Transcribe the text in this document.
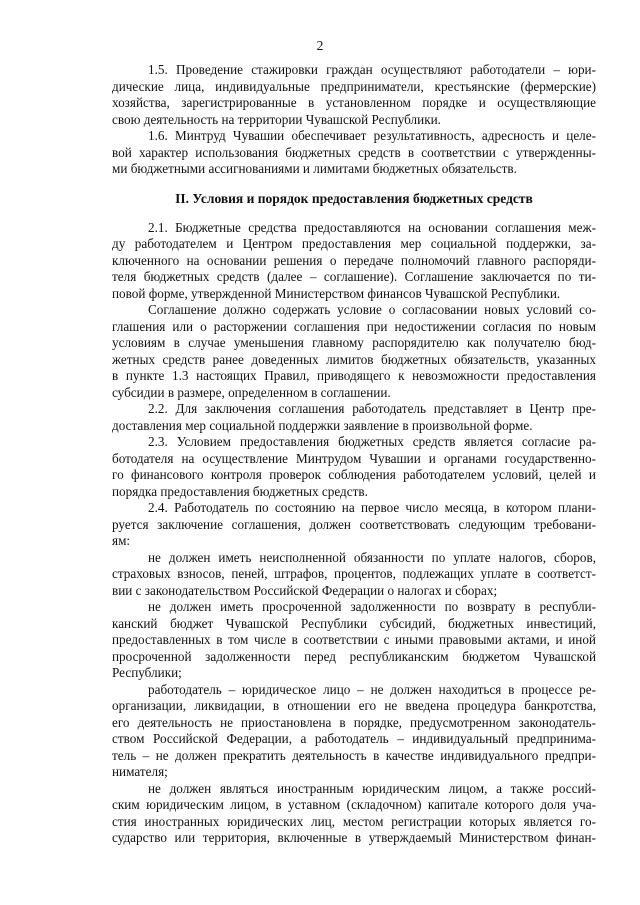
2
1.5. Проведение стажировки граждан осуществляют работодатели – юри-
дические лица, индивидуальные предприниматели, крестьянские (фермерские)
хозяйства, зарегистрированные в установленном порядке и осуществляющие
свою деятельность на территории Чувашской Республики.
1.6. Минтруд Чувашии обеспечивает результативность, адресность и целе-
вой характер использования бюджетных средств в соответствии с утвержденны-
ми бюджетными ассигнованиями и лимитами бюджетных обязательств.
II. Условия и порядок предоставления бюджетных средств
2.1. Бюджетные средства предоставляются на основании соглашения меж-
ду работодателем и Центром предоставления мер социальной поддержки, за-
ключенного на основании решения о передаче полномочий главного распоряди-
теля бюджетных средств (далее – соглашение). Соглашение заключается по ти-
повой форме, утвержденной Министерством финансов Чувашской Республики.
Соглашение должно содержать условие о согласовании новых условий со-
глашения или о расторжении соглашения при недостижении согласия по новым
условиям в случае уменьшения главному распорядителю как получателю бюд-
жетных средств ранее доведенных лимитов бюджетных обязательств, указанных
в пункте 1.3 настоящих Правил, приводящего к невозможности предоставления
субсидии в размере, определенном в соглашении.
2.2. Для заключения соглашения работодатель представляет в Центр пре-
доставления мер социальной поддержки заявление в произвольной форме.
2.3. Условием предоставления бюджетных средств является согласие ра-
ботодателя на осуществление Минтрудом Чувашии и органами государственно-
го финансового контроля проверок соблюдения работодателем условий, целей и
порядка предоставления бюджетных средств.
2.4. Работодатель по состоянию на первое число месяца, в котором плани-
руется заключение соглашения, должен соответствовать следующим требовани-
ям:
не должен иметь неисполненной обязанности по уплате налогов, сборов,
страховых взносов, пеней, штрафов, процентов, подлежащих уплате в соответст-
вии с законодательством Российской Федерации о налогах и сборах;
не должен иметь просроченной задолженности по возврату в республи-
канский бюджет Чувашской Республики субсидий, бюджетных инвестиций,
предоставленных в том числе в соответствии с иными правовыми актами, и иной
просроченной задолженности перед республиканским бюджетом Чувашской
Республики;
работодатель – юридическое лицо – не должен находиться в процессе ре-
организации, ликвидации, в отношении его не введена процедура банкротства,
его деятельность не приостановлена в порядке, предусмотренном законодатель-
ством Российской Федерации, а работодатель – индивидуальный предпринима-
тель – не должен прекратить деятельность в качестве индивидуального предпри-
нимателя;
не должен являться иностранным юридическим лицом, а также россий-
ским юридическим лицом, в уставном (складочном) капитале которого доля уча-
стия иностранных юридических лиц, местом регистрации которых является го-
сударство или территория, включенные в утверждаемый Министерством финан-
